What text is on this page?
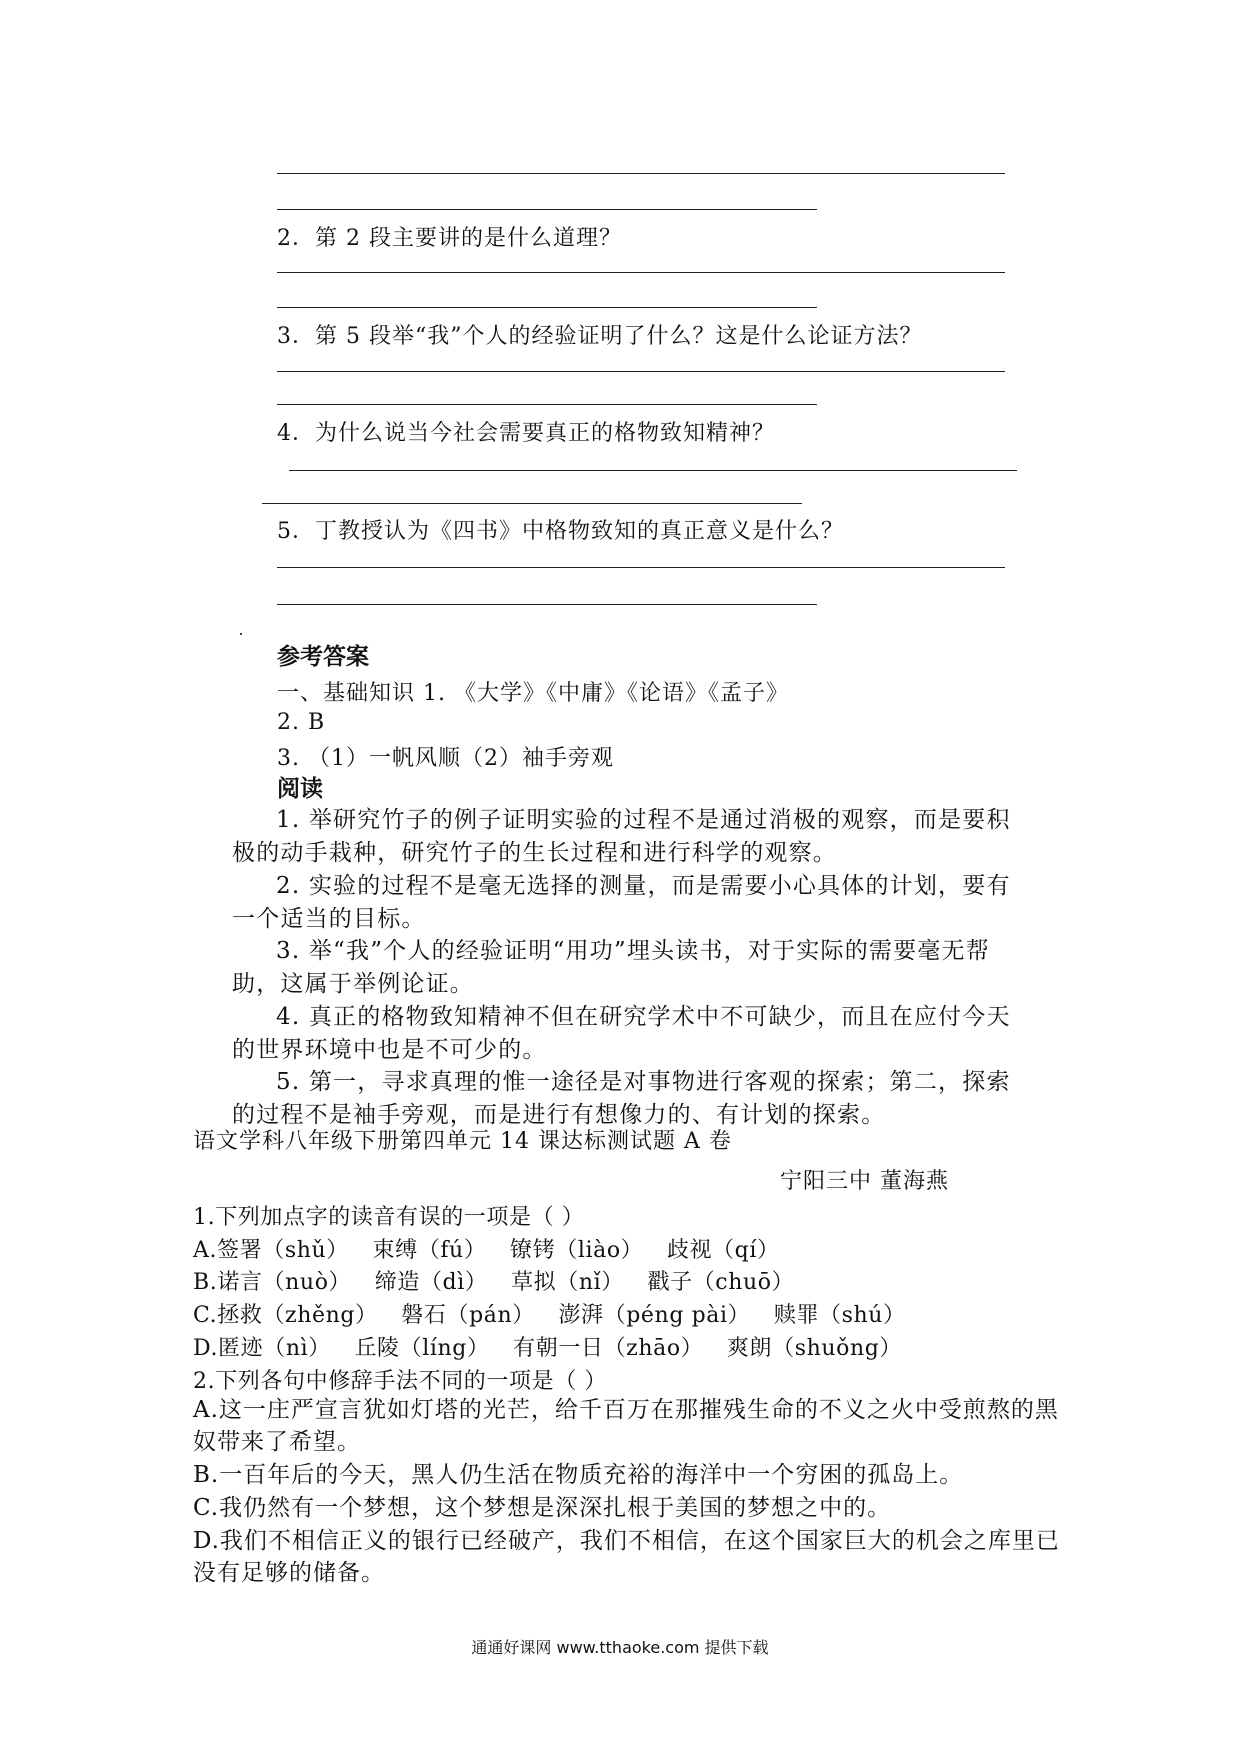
2．第 2 段主要讲的是什么道理？
3．第 5 段举“我”个人的经验证明了什么？这是什么论证方法？
4．为什么说当今社会需要真正的格物致知精神？
5．丁教授认为《四书》中格物致知的真正意义是什么？
参考答案
一、基础知识 1. 《大学》《中庸》《论语》《孟子》
2. B
3. （1）一帆风顺（2）袖手旁观
阅读
1. 举研究竹子的例子证明实验的过程不是通过消极的观察，而是要积极的动手栽种，研究竹子的生长过程和进行科学的观察。
2. 实验的过程不是毫无选择的测量，而是需要小心具体的计划，要有一个适当的目标。
3. 举“我”个人的经验证明“用功”埋头读书，对于实际的需要毫无帮助，这属于举例论证。
4. 真正的格物致知精神不但在研究学术中不可缺少，而且在应付今天的世界环境中也是不可少的。
5. 第一，寻求真理的惟一途径是对事物进行客观的探索；第二，探索的过程不是袖手旁观，而是进行有想像力的、有计划的探索。
语文学科八年级下册第四单元 14 课达标测试题 A 卷
宁阳三中 董海燕
1.下列加点字的读音有误的一项是（ ）
A.签署（shǔ） 束缚（fú） 镣铐（liào） 歧视（qí）
B.诺言（nuò） 缔造（dì） 草拟（nǐ） 戳子（chuō）
C.拯救（zhěng） 磐石（pán） 澎湃（péng pài） 赎罪（shú）
D.匿迹（nì） 丘陵（líng） 有朝一日（zhāo） 爽朗（shuǒng）
2.下列各句中修辞手法不同的一项是（ ）
A.这一庄严宣言犹如灯塔的光芒，给千百万在那摧残生命的不义之火中受煎熬的黑奴带来了希望。
B.一百年后的今天，黑人仍生活在物质充裕的海洋中一个穷困的孤岛上。
C.我仍然有一个梦想，这个梦想是深深扎根于美国的梦想之中的。
D.我们不相信正义的银行已经破产，我们不相信，在这个国家巨大的机会之库里已没有足够的储备。
通通好课网 www.tthaoke.com 提供下载
